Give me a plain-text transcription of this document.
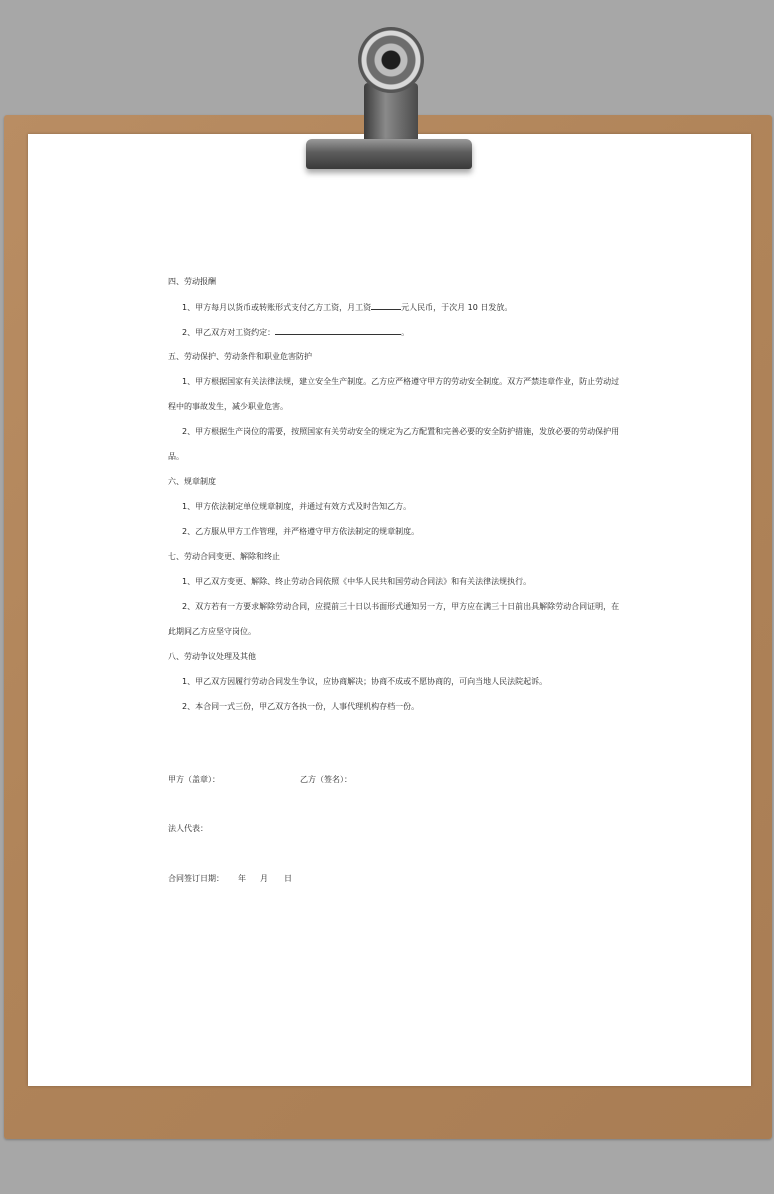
四、劳动报酬
1、甲方每月以货币或转账形式支付乙方工资，月工资	元人民币，于次月 10 日发放。
2、甲乙双方对工资约定：	。
五、劳动保护、劳动条件和职业危害防护
1、甲方根据国家有关法律法规，建立安全生产制度。乙方应严格遵守甲方的劳动安全制度。双方严禁违章作业，防止劳动过
程中的事故发生，减少职业危害。
2、甲方根据生产岗位的需要，按照国家有关劳动安全的规定为乙方配置和完善必要的安全防护措施，发放必要的劳动保护用
品。
六、规章制度
1、甲方依法制定单位规章制度，并通过有效方式及时告知乙方。
2、乙方服从甲方工作管理，并严格遵守甲方依法制定的规章制度。
七、劳动合同变更、解除和终止
1、甲乙双方变更、解除、终止劳动合同依照《中华人民共和国劳动合同法》和有关法律法规执行。
2、双方若有一方要求解除劳动合同，应提前三十日以书面形式通知另一方，甲方应在满三十日前出具解除劳动合同证明，在
此期间乙方应坚守岗位。
八、劳动争议处理及其他
1、甲乙双方因履行劳动合同发生争议，应协商解决；协商不成或不愿协商的，可向当地人民法院起诉。
2、本合同一式三份，甲乙双方各执一份，人事代理机构存档一份。
甲方（盖章）：	乙方（签名）：
法人代表：
合同签订日期： 年 月 日
